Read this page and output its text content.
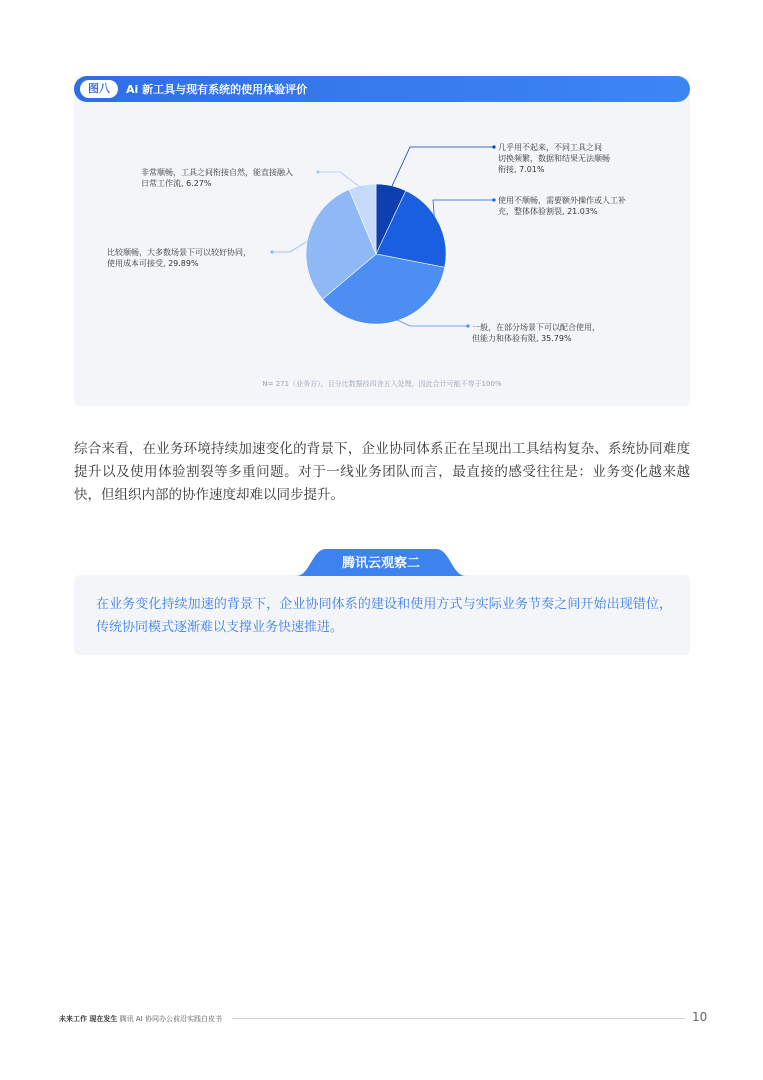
图八	Ai 新工具与现有系统的使用体验评价
几乎用不起来，不同工具之间
切换频繁，数据和结果无法顺畅
衔接, 7.01%
使用不顺畅，需要额外操作或人工补
充，整体体验割裂, 21.03%
一般，在部分场景下可以配合使用，
但能力和体验有限, 35.79%
比较顺畅，大多数场景下可以较好协同，
使用成本可接受, 29.89%
非常顺畅，工具之间衔接自然，能直接融入
日常工作流, 6.27%
N= 271（业务方），百分比数据经四舍五入处理，因此合计可能不等于100%
综合来看，在业务环境持续加速变化的背景下，企业协同体系正在呈现出工具结构复杂、系统协同难度提升以及使用体验割裂等多重问题。对于一线业务团队而言，最直接的感受往往是：业务变化越来越快，但组织内部的协作速度却难以同步提升。
腾讯云观察二
在业务变化持续加速的背景下，企业协同体系的建设和使用方式与实际业务节奏之间开始出现错位，传统协同模式逐渐难以支撑业务快速推进。
未来工作 现在发生 腾讯 AI 协同办公前沿实践白皮书	10
